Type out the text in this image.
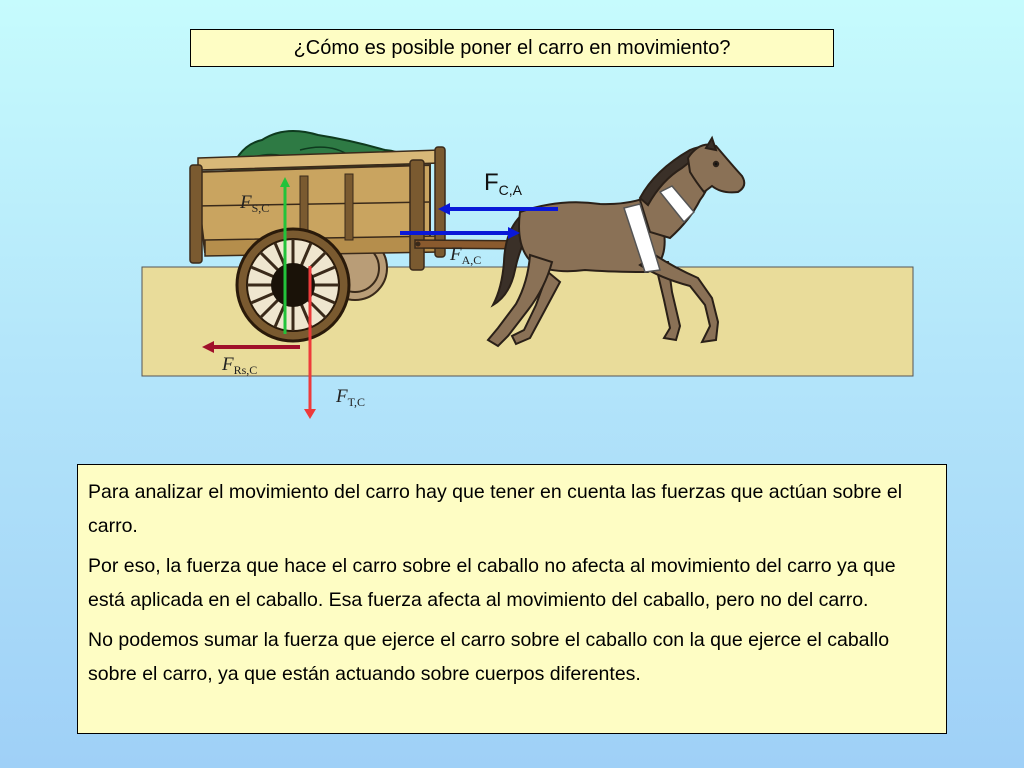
¿Cómo es posible poner el carro en movimiento?
$F_{S,C}$
$F_{C,A}$
$F_{A,C}$
$F_{Rs,C}$
$F_{T,C}$

Para analizar el movimiento del carro hay que tener en cuenta las fuerzas que actúan sobre el carro.

Por eso, la fuerza que hace el carro sobre el caballo no afecta al movimiento del carro ya que está aplicada en el caballo. Esa fuerza afecta al movimiento del caballo, pero no del carro.

No podemos sumar la fuerza que ejerce el carro sobre el caballo con la que ejerce el caballo sobre el carro, ya que están actuando sobre cuerpos diferentes.
